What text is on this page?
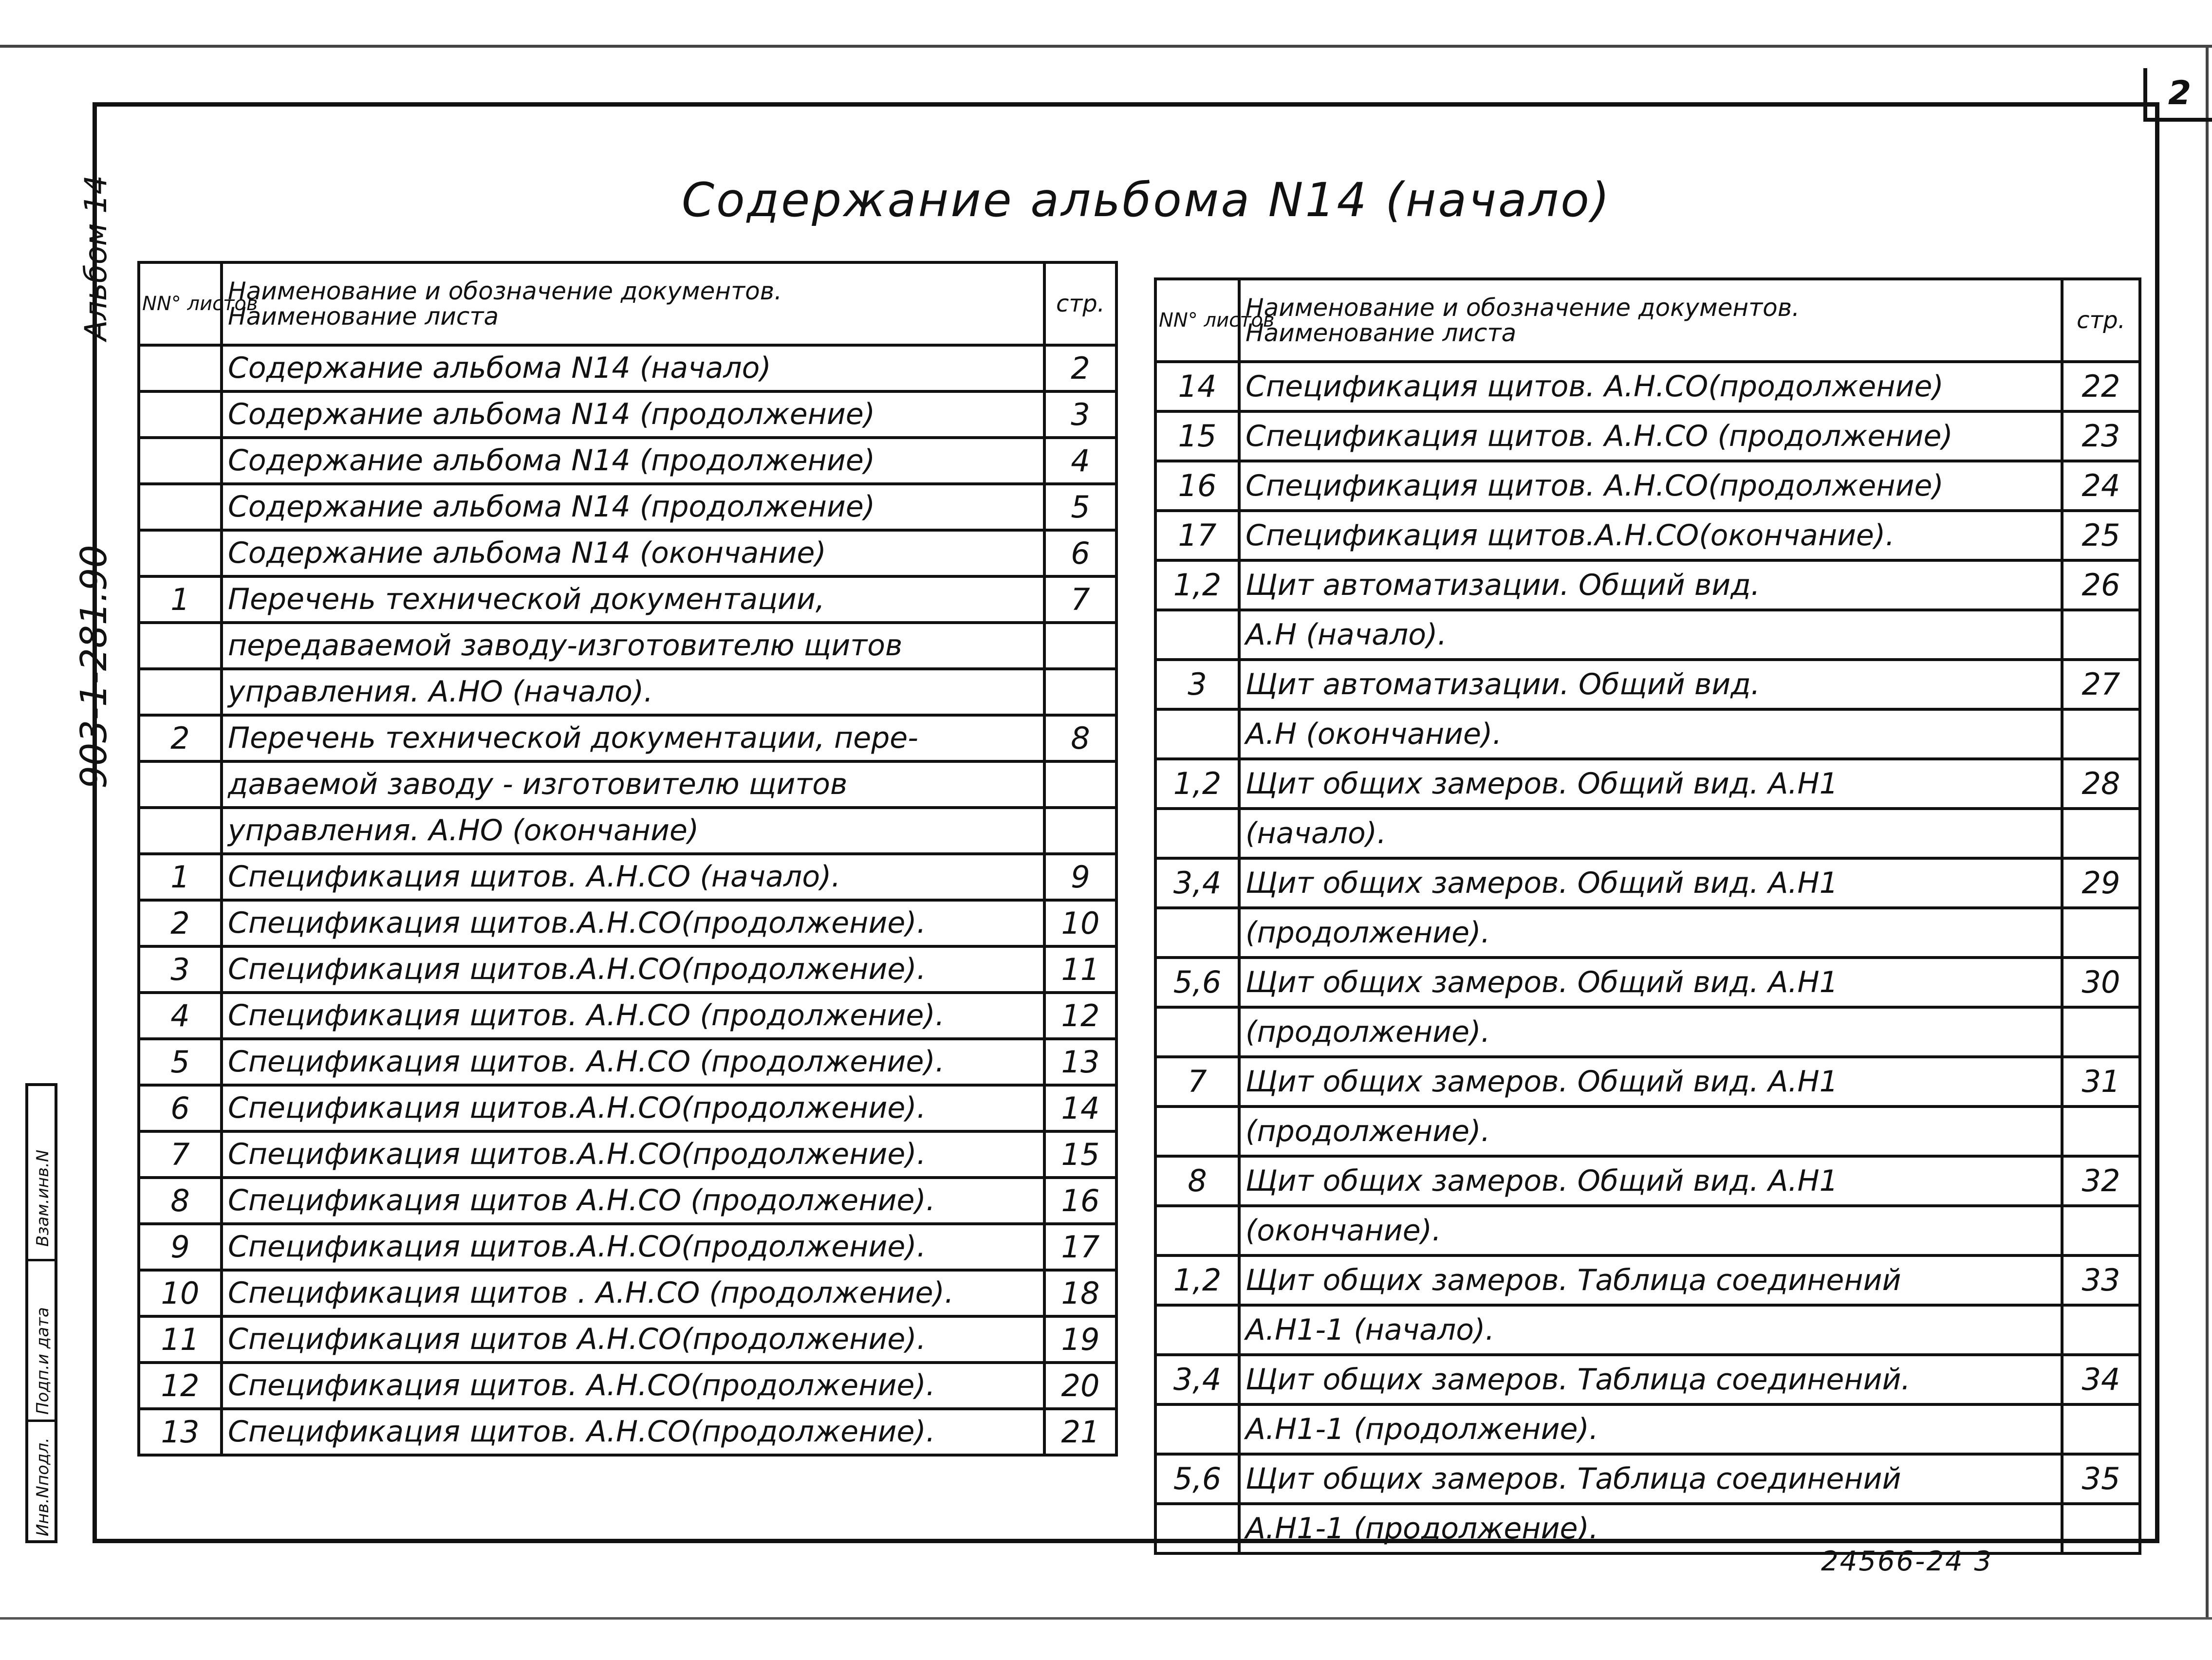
2
Альбом 14
903-1-281.90
Взам.инв.N
Подп.и дата
Инв.Nподл.
Содержание альбома N14 (начало)
NN° листов	Наименование и обозначение документов.
Наименование листа	стр.
	Содержание альбома N14 (начало)	2
	Содержание альбома N14 (продолжение)	3
	Содержание альбома N14 (продолжение)	4
	Содержание альбома N14 (продолжение)	5
	Содержание альбома N14 (окончание)	6
1	Перечень технической документации,	7
	передаваемой заводу-изготовителю щитов	
	управления. А.НО (начало).	
2	Перечень технической документации, пере-	8
	даваемой заводу - изготовителю щитов	
	управления. А.НО (окончание)	
1	Спецификация щитов. А.Н.СО (начало).	9
2	Спецификация щитов.А.Н.СО(продолжение).	10
3	Спецификация щитов.А.Н.СО(продолжение).	11
4	Спецификация щитов. А.Н.СО (продолжение).	12
5	Спецификация щитов. А.Н.СО (продолжение).	13
6	Спецификация щитов.А.Н.СО(продолжение).	14
7	Спецификация щитов.А.Н.СО(продолжение).	15
8	Спецификация щитов А.Н.СО (продолжение).	16
9	Спецификация щитов.А.Н.СО(продолжение).	17
10	Спецификация щитов . А.Н.СО (продолжение).	18
11	Спецификация щитов А.Н.СО(продолжение).	19
12	Спецификация щитов. А.Н.СО(продолжение).	20
13	Спецификация щитов. А.Н.СО(продолжение).	21
NN° листов	Наименование и обозначение документов.
Наименование листа	стр.
14	Спецификация щитов. А.Н.СО(продолжение)	22
15	Спецификация щитов. А.Н.СО (продолжение)	23
16	Спецификация щитов. А.Н.СО(продолжение)	24
17	Спецификация щитов.А.Н.СО(окончание).	25
1,2	Щит автоматизации. Общий вид.	26
	А.Н (начало).	
3	Щит автоматизации. Общий вид.	27
	А.Н (окончание).	
1,2	Щит общих замеров. Общий вид. А.Н1	28
	(начало).	
3,4	Щит общих замеров. Общий вид. А.Н1	29
	(продолжение).	
5,6	Щит общих замеров. Общий вид. А.Н1	30
	(продолжение).	
7	Щит общих замеров. Общий вид. А.Н1	31
	(продолжение).	
8	Щит общих замеров. Общий вид. А.Н1	32
	(окончание).	
1,2	Щит общих замеров. Таблица соединений	33
	А.Н1-1 (начало).	
3,4	Щит общих замеров. Таблица соединений.	34
	А.Н1-1 (продолжение).	
5,6	Щит общих замеров. Таблица соединений	35
	А.Н1-1 (продолжение).	
24566-24 3
